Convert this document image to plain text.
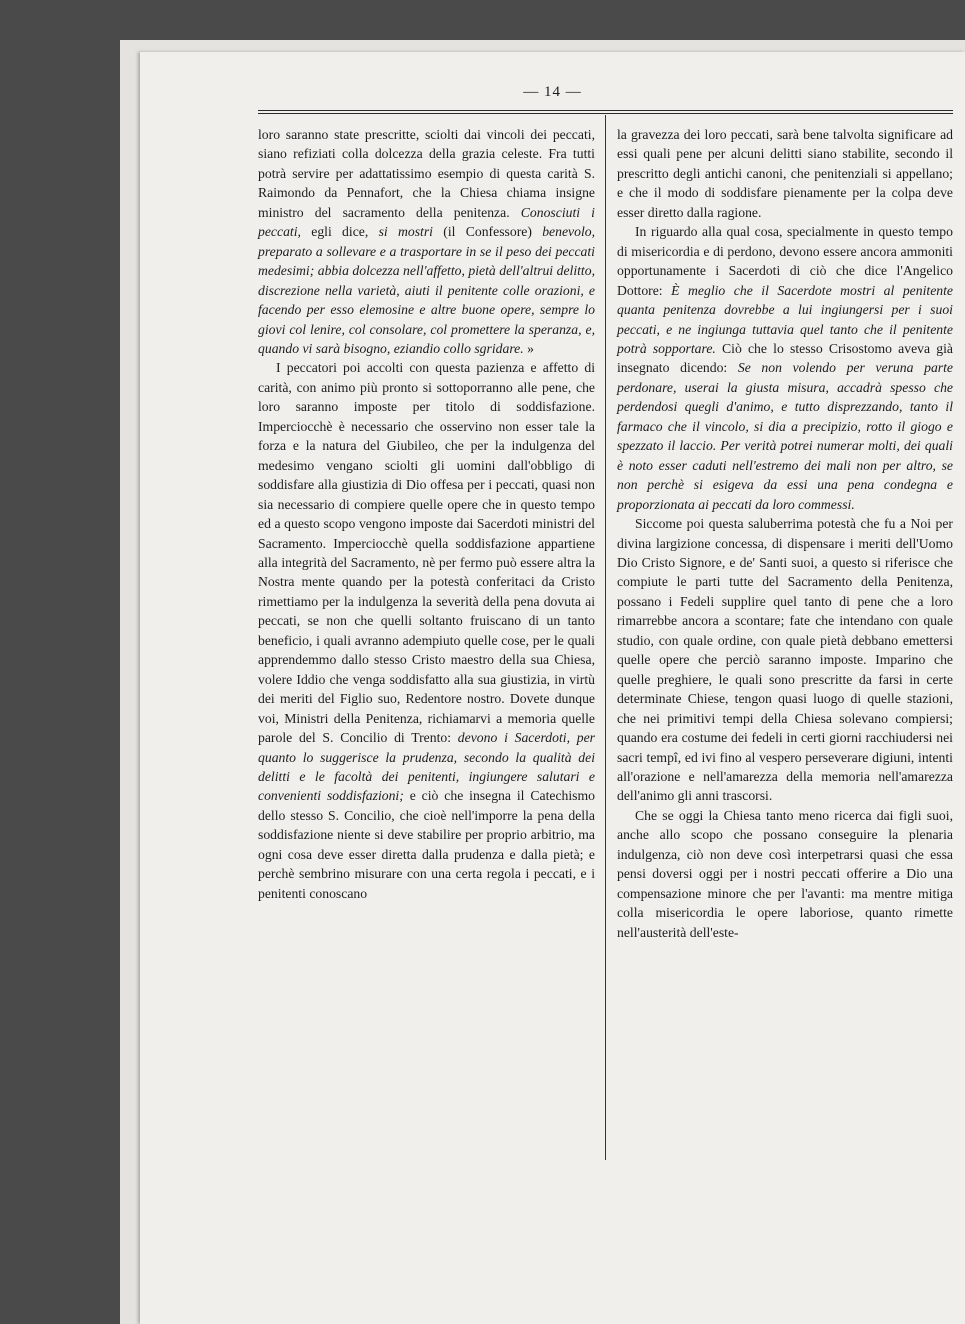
— 14 —

loro saranno state prescritte, sciolti dai vincoli dei peccati, siano refiziati colla dolcezza della grazia celeste. Fra tutti potrà servire per adattatissimo esempio di questa carità S. Raimondo da Pennafort, che la Chiesa chiama insigne ministro del sacramento della penitenza. Conosciuti i peccati, egli dice, si mostri (il Confessore) benevolo, preparato a sollevare e a trasportare in se il peso dei peccati medesimi; abbia dolcezza nell'affetto, pietà dell'altrui delitto, discrezione nella varietà, aiuti il penitente colle orazioni, e facendo per esso elemosine e altre buone opere, sempre lo giovi col lenire, col consolare, col promettere la speranza, e, quando vi sarà bisogno, eziandio collo sgridare. »

I peccatori poi accolti con questa pazienza e affetto di carità, con animo più pronto si sottoporranno alle pene, che loro saranno imposte per titolo di soddisfazione. Imperciocchè è necessario che osservino non esser tale la forza e la natura del Giubileo, che per la indulgenza del medesimo vengano sciolti gli uomini dall'obbligo di soddisfare alla giustizia di Dio offesa per i peccati, quasi non sia necessario di compiere quelle opere che in questo tempo ed a questo scopo vengono imposte dai Sacerdoti ministri del Sacramento. Imperciocchè quella soddisfazione appartiene alla integrità del Sacramento, nè per fermo può essere altra la Nostra mente quando per la potestà conferitaci da Cristo rimettiamo per la indulgenza la severità della pena dovuta ai peccati, se non che quelli soltanto fruiscano di un tanto beneficio, i quali avranno adempiuto quelle cose, per le quali apprendemmo dallo stesso Cristo maestro della sua Chiesa, volere Iddio che venga soddisfatto alla sua giustizia, in virtù dei meriti del Figlio suo, Redentore nostro. Dovete dunque voi, Ministri della Penitenza, richiamarvi a memoria quelle parole del S. Concilio di Trento: devono i Sacerdoti, per quanto lo suggerisce la prudenza, secondo la qualità dei delitti e le facoltà dei penitenti, ingiungere salutari e convenienti soddisfazioni; e ciò che insegna il Catechismo dello stesso S. Concilio, che cioè nell'imporre la pena della soddisfazione niente si deve stabilire per proprio arbitrio, ma ogni cosa deve esser diretta dalla prudenza e dalla pietà; e perchè sembrino misurare con una certa regola i peccati, e i penitenti conoscano

la gravezza dei loro peccati, sarà bene talvolta significare ad essi quali pene per alcuni delitti siano stabilite, secondo il prescritto degli antichi canoni, che penitenziali si appellano; e che il modo di soddisfare pienamente per la colpa deve esser diretto dalla ragione.

In riguardo alla qual cosa, specialmente in questo tempo di misericordia e di perdono, devono essere ancora ammoniti opportunamente i Sacerdoti di ciò che dice l'Angelico Dottore: È meglio che il Sacerdote mostri al penitente quanta penitenza dovrebbe a lui ingiungersi per i suoi peccati, e ne ingiunga tuttavia quel tanto che il penitente potrà sopportare. Ciò che lo stesso Crisostomo aveva già insegnato dicendo: Se non volendo per veruna parte perdonare, userai la giusta misura, accadrà spesso che perdendosi quegli d'animo, e tutto disprezzando, tanto il farmaco che il vincolo, si dia a precipizio, rotto il giogo e spezzato il laccio. Per verità potrei numerar molti, dei quali è noto esser caduti nell'estremo dei mali non per altro, se non perchè si esigeva da essi una pena condegna e proporzionata ai peccati da loro commessi.

Siccome poi questa saluberrima potestà che fu a Noi per divina largizione concessa, di dispensare i meriti dell'Uomo Dio Cristo Signore, e de' Santi suoi, a questo si riferisce che compiute le parti tutte del Sacramento della Penitenza, possano i Fedeli supplire quel tanto di pene che a loro rimarrebbe ancora a scontare; fate che intendano con quale studio, con quale ordine, con quale pietà debbano emettersi quelle opere che perciò saranno imposte. Imparino che quelle preghiere, le quali sono prescritte da farsi in certe determinate Chiese, tengon quasi luogo di quelle stazioni, che nei primitivi tempi della Chiesa solevano compiersi; quando era costume dei fedeli in certi giorni racchiudersi nei sacri tempî, ed ivi fino al vespero perseverare digiuni, intenti all'orazione e nell'amarezza della memoria nell'amarezza dell'animo gli anni trascorsi.

Che se oggi la Chiesa tanto meno ricerca dai figli suoi, anche allo scopo che possano conseguire la plenaria indulgenza, ciò non deve così interpetrarsi quasi che essa pensi doversi oggi per i nostri peccati offerire a Dio una compensazione minore che per l'avanti: ma mentre mitiga colla misericordia le opere laboriose, quanto rimette nell'austerità dell'este-
